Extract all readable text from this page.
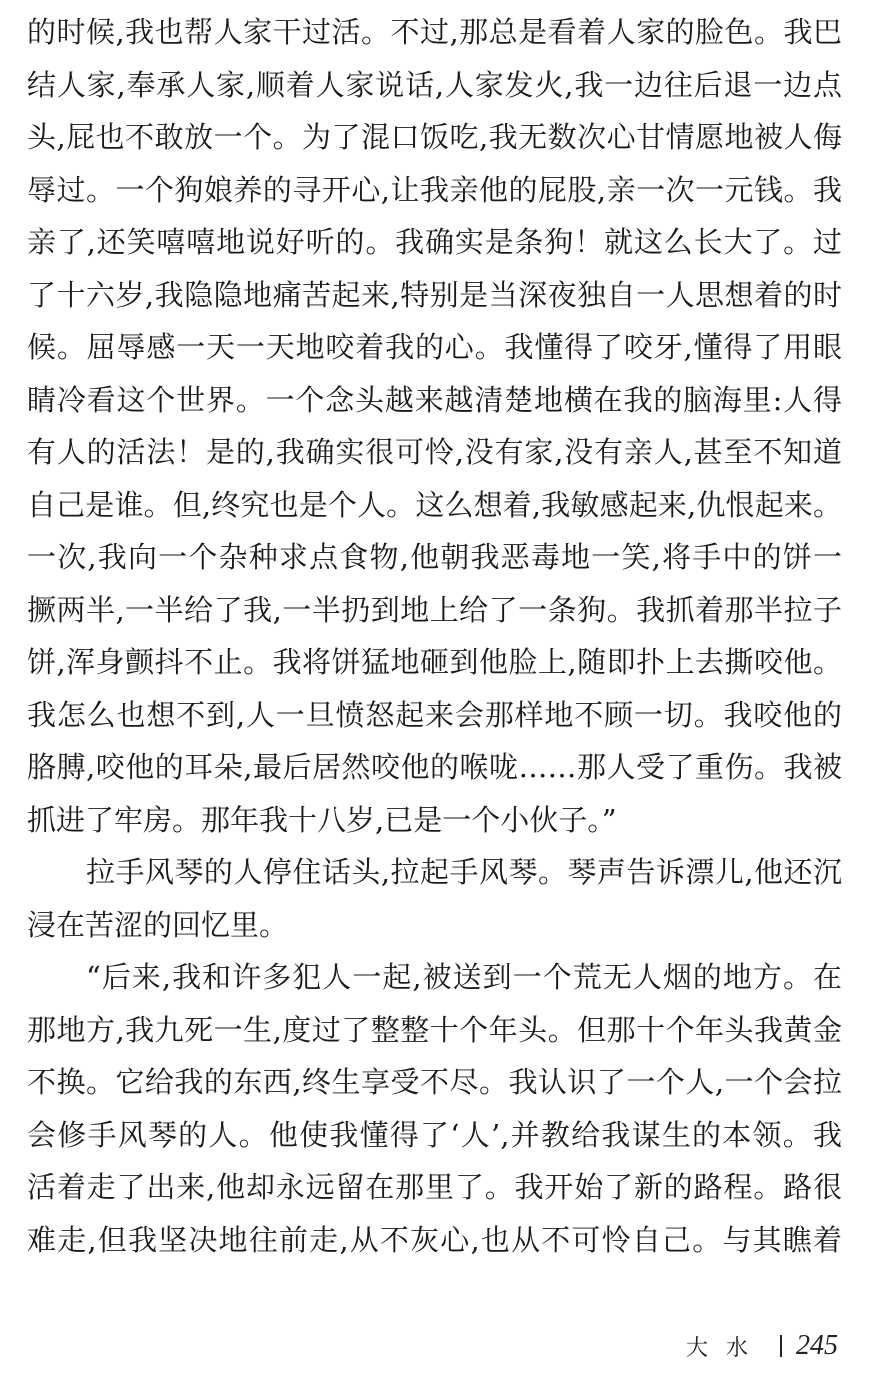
的时候,我也帮人家干过活。不过,那总是看着人家的脸色。我巴
结人家,奉承人家,顺着人家说话,人家发火,我一边往后退一边点
头,屁也不敢放一个。为了混口饭吃,我无数次心甘情愿地被人侮
辱过。一个狗娘养的寻开心,让我亲他的屁股,亲一次一元钱。我
亲了,还笑嘻嘻地说好听的。我确实是条狗！就这么长大了。过
了十六岁,我隐隐地痛苦起来,特别是当深夜独自一人思想着的时
候。屈辱感一天一天地咬着我的心。我懂得了咬牙,懂得了用眼
睛冷看这个世界。一个念头越来越清楚地横在我的脑海里:人得
有人的活法！是的,我确实很可怜,没有家,没有亲人,甚至不知道
自己是谁。但,终究也是个人。这么想着,我敏感起来,仇恨起来。
一次,我向一个杂种求点食物,他朝我恶毒地一笑,将手中的饼一
撅两半,一半给了我,一半扔到地上给了一条狗。我抓着那半拉子
饼,浑身颤抖不止。我将饼猛地砸到他脸上,随即扑上去撕咬他。
我怎么也想不到,人一旦愤怒起来会那样地不顾一切。我咬他的
胳膊,咬他的耳朵,最后居然咬他的喉咙……那人受了重伤。我被
抓进了牢房。那年我十八岁,已是一个小伙子。”
拉手风琴的人停住话头,拉起手风琴。琴声告诉漂儿,他还沉
浸在苦涩的回忆里。
“后来,我和许多犯人一起,被送到一个荒无人烟的地方。在
那地方,我九死一生,度过了整整十个年头。但那十个年头我黄金
不换。它给我的东西,终生享受不尽。我认识了一个人,一个会拉
会修手风琴的人。他使我懂得了‘人’,并教给我谋生的本领。我
活着走了出来,他却永远留在那里了。我开始了新的路程。路很
难走,但我坚决地往前走,从不灰心,也从不可怜自己。与其瞧着
大水 245
